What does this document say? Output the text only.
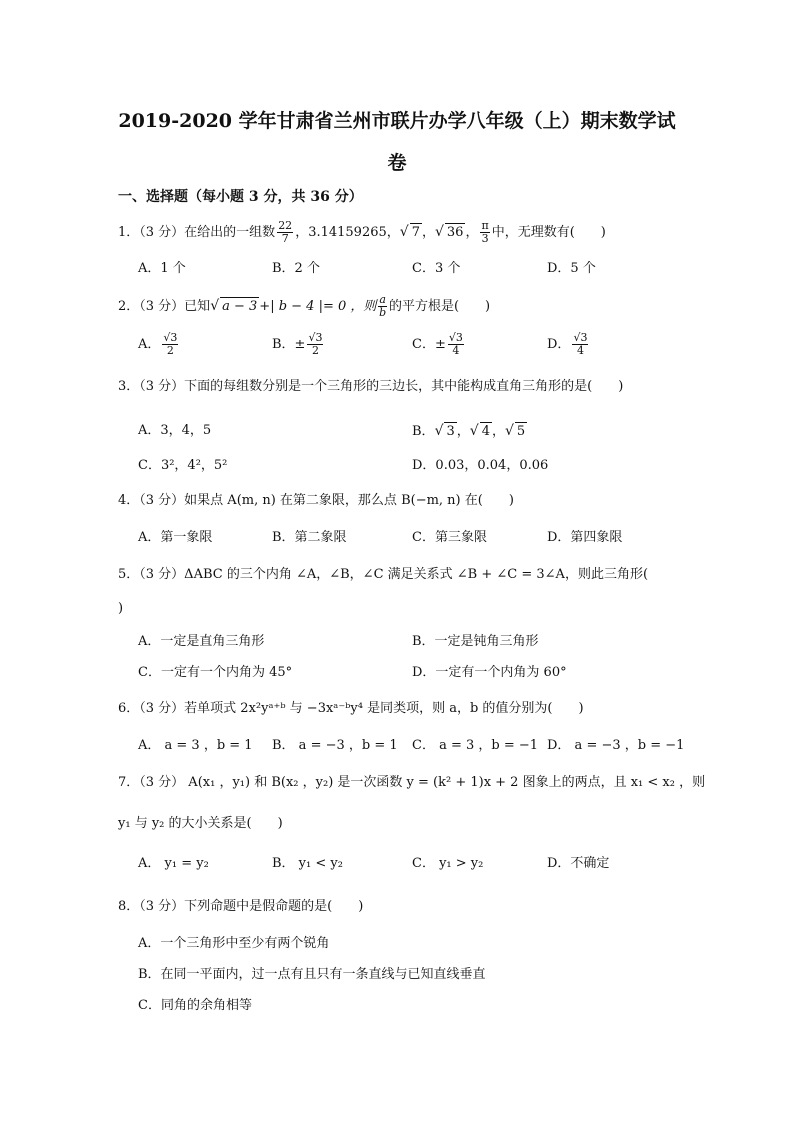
2019-2020 学年甘肃省兰州市联片办学八年级（上）期末数学试
卷
一、选择题（每小题 3 分，共 36 分）
1．（3 分）在给出的一组数 $\frac{22}{7}$ ，3.14159265，√ 7 ，√ 36 ， $\frac{\pi}{3}$ 中，无理数有(　　)
A．1 个	B．2 个	C．3 个	D．5 个
2．（3 分）已知√ a − 3 +| b − 4 |= 0 ，则 $\frac{a}{b}$ 的平方根是(　　)
A． $\frac{√3}{2}$	B．± $\frac{√3}{2}$	C．± $\frac{√3}{4}$	D． $\frac{√3}{4}$
3．（3 分）下面的每组数分别是一个三角形的三边长，其中能构成直角三角形的是(　　)
A．3，4，5	B．√ 3 ，√ 4 ，√ 5
C．3²，4²，5²	D．0.03，0.04，0.06
4．（3 分）如果点 A(m, n) 在第二象限，那么点 B(−m, n) 在(　　)
A．第一象限	B．第二象限	C．第三象限	D．第四象限
5．（3 分）ΔABC 的三个内角 ∠A，∠B，∠C 满足关系式 ∠B + ∠C = 3∠A，则此三角形(
)
A．一定是直角三角形	B．一定是钝角三角形
C．一定有一个内角为 45°	D．一定有一个内角为 60°
6．（3 分）若单项式 2x²yᵃ⁺ᵇ 与 −3xᵃ⁻ᵇy⁴ 是同类项，则 a，b 的值分别为(　　)
A． a = 3 ，b = 1 B． a = −3 ，b = 1 C． a = 3 ，b = −1 D． a = −3 ，b = −1
7．（3 分） A(x₁ ，y₁) 和 B(x₂ ，y₂) 是一次函数 y = (k² + 1)x + 2 图象上的两点，且 x₁ < x₂ ，则
y₁ 与 y₂ 的大小关系是(　　)
A． y₁ = y₂	B． y₁ < y₂	C． y₁ > y₂	D．不确定
8．（3 分）下列命题中是假命题的是(　　)
A．一个三角形中至少有两个锐角
B．在同一平面内，过一点有且只有一条直线与已知直线垂直
C．同角的余角相等
